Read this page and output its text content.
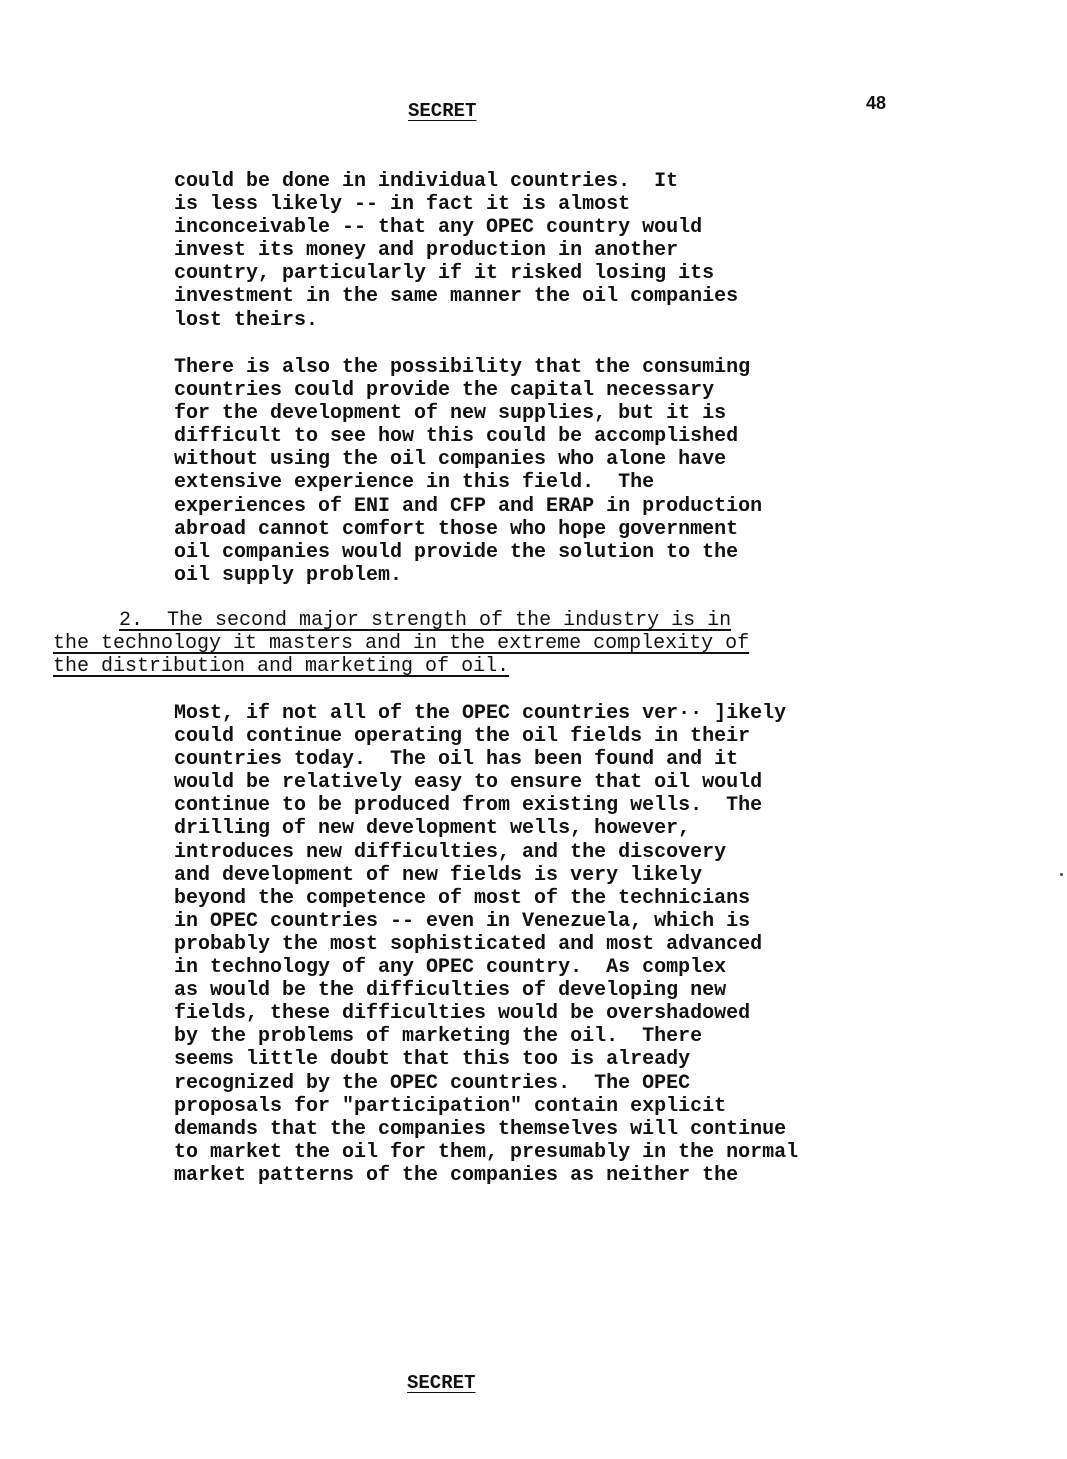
SECRET	48

could be done in individual countries.  It
is less likely -- in fact it is almost
inconceivable -- that any OPEC country would
invest its money and production in another
country, particularly if it risked losing its
investment in the same manner the oil companies
lost theirs.

There is also the possibility that the consuming
countries could provide the capital necessary
for the development of new supplies, but it is
difficult to see how this could be accomplished
without using the oil companies who alone have
extensive experience in this field.  The
experiences of ENI and CFP and ERAP in production
abroad cannot comfort those who hope government
oil companies would provide the solution to the
oil supply problem.

2.  The second major strength of the industry is in
the technology it masters and in the extreme complexity of
the distribution and marketing of oil.

Most, if not all of the OPEC countries ver·· ]ikely
could continue operating the oil fields in their
countries today.  The oil has been found and it
would be relatively easy to ensure that oil would
continue to be produced from existing wells.  The
drilling of new development wells, however,
introduces new difficulties, and the discovery
and development of new fields is very likely
beyond the competence of most of the technicians
in OPEC countries -- even in Venezuela, which is
probably the most sophisticated and most advanced
in technology of any OPEC country.  As complex
as would be the difficulties of developing new
fields, these difficulties would be overshadowed
by the problems of marketing the oil.  There
seems little doubt that this too is already
recognized by the OPEC countries.  The OPEC
proposals for "participation" contain explicit
demands that the companies themselves will continue
to market the oil for them, presumably in the normal
market patterns of the companies as neither the

SECRET
